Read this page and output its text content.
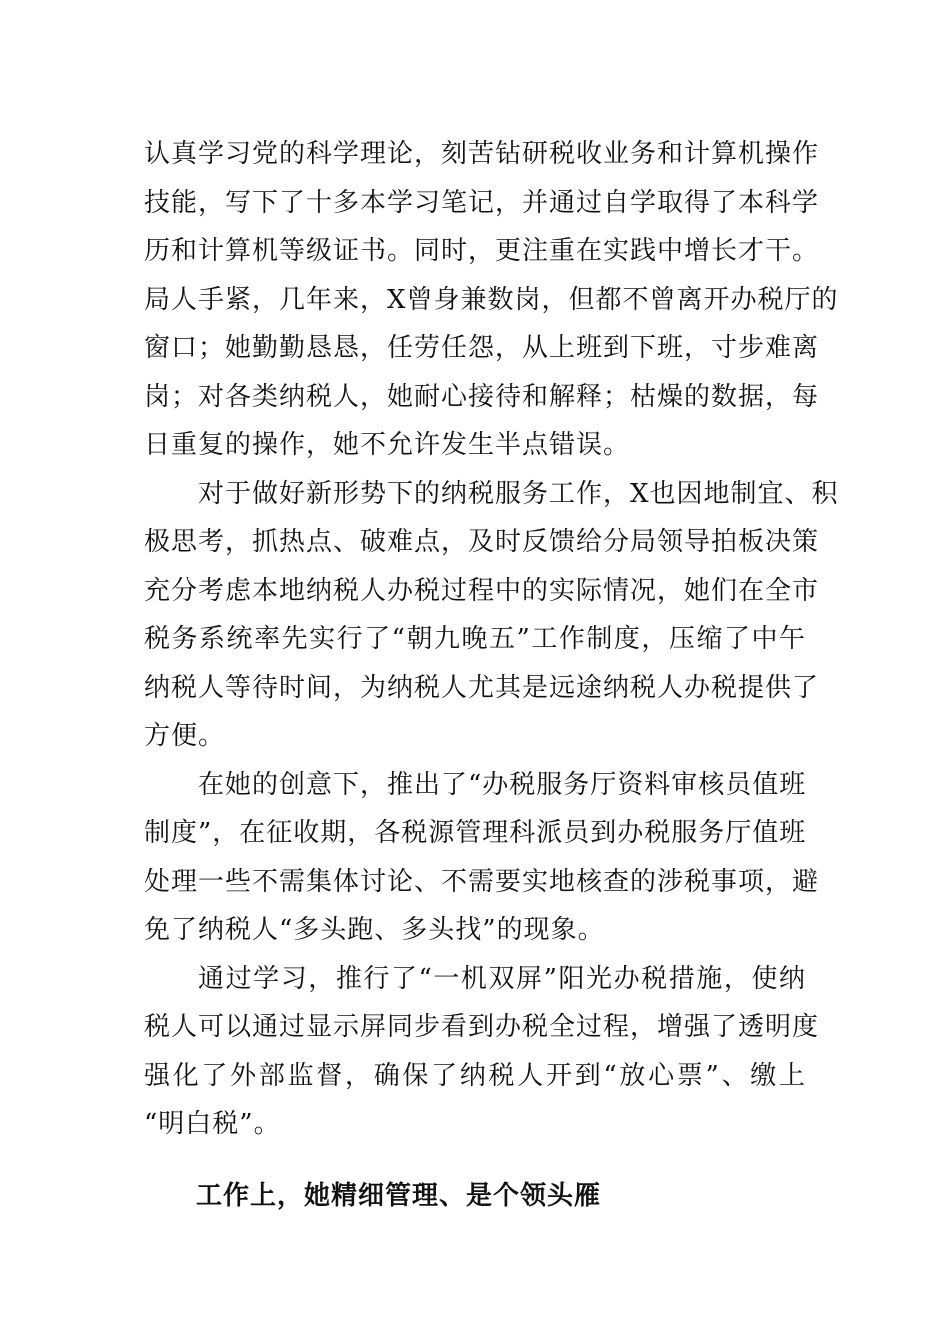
认真学习党的科学理论，刻苦钻研税收业务和计算机操作
技能，写下了十多本学习笔记，并通过自学取得了本科学
历和计算机等级证书。同时，更注重在实践中增长才干。
局人手紧，几年来，X曾身兼数岗，但都不曾离开办税厅的
窗口；她勤勤恳恳，任劳任怨，从上班到下班，寸步难离
岗；对各类纳税人，她耐心接待和解释；枯燥的数据，每
日重复的操作，她不允许发生半点错误。
对于做好新形势下的纳税服务工作，X也因地制宜、积
极思考，抓热点、破难点，及时反馈给分局领导拍板决策
充分考虑本地纳税人办税过程中的实际情况，她们在全市
税务系统率先实行了“朝九晚五”工作制度，压缩了中午
纳税人等待时间，为纳税人尤其是远途纳税人办税提供了
方便。
在她的创意下，推出了“办税服务厅资料审核员值班
制度”，在征收期，各税源管理科派员到办税服务厅值班
处理一些不需集体讨论、不需要实地核查的涉税事项，避
免了纳税人“多头跑、多头找”的现象。
通过学习，推行了“一机双屏”阳光办税措施，使纳
税人可以通过显示屏同步看到办税全过程，增强了透明度
强化了外部监督，确保了纳税人开到“放心票”、缴上
“明白税”。
工作上，她精细管理、是个领头雁
